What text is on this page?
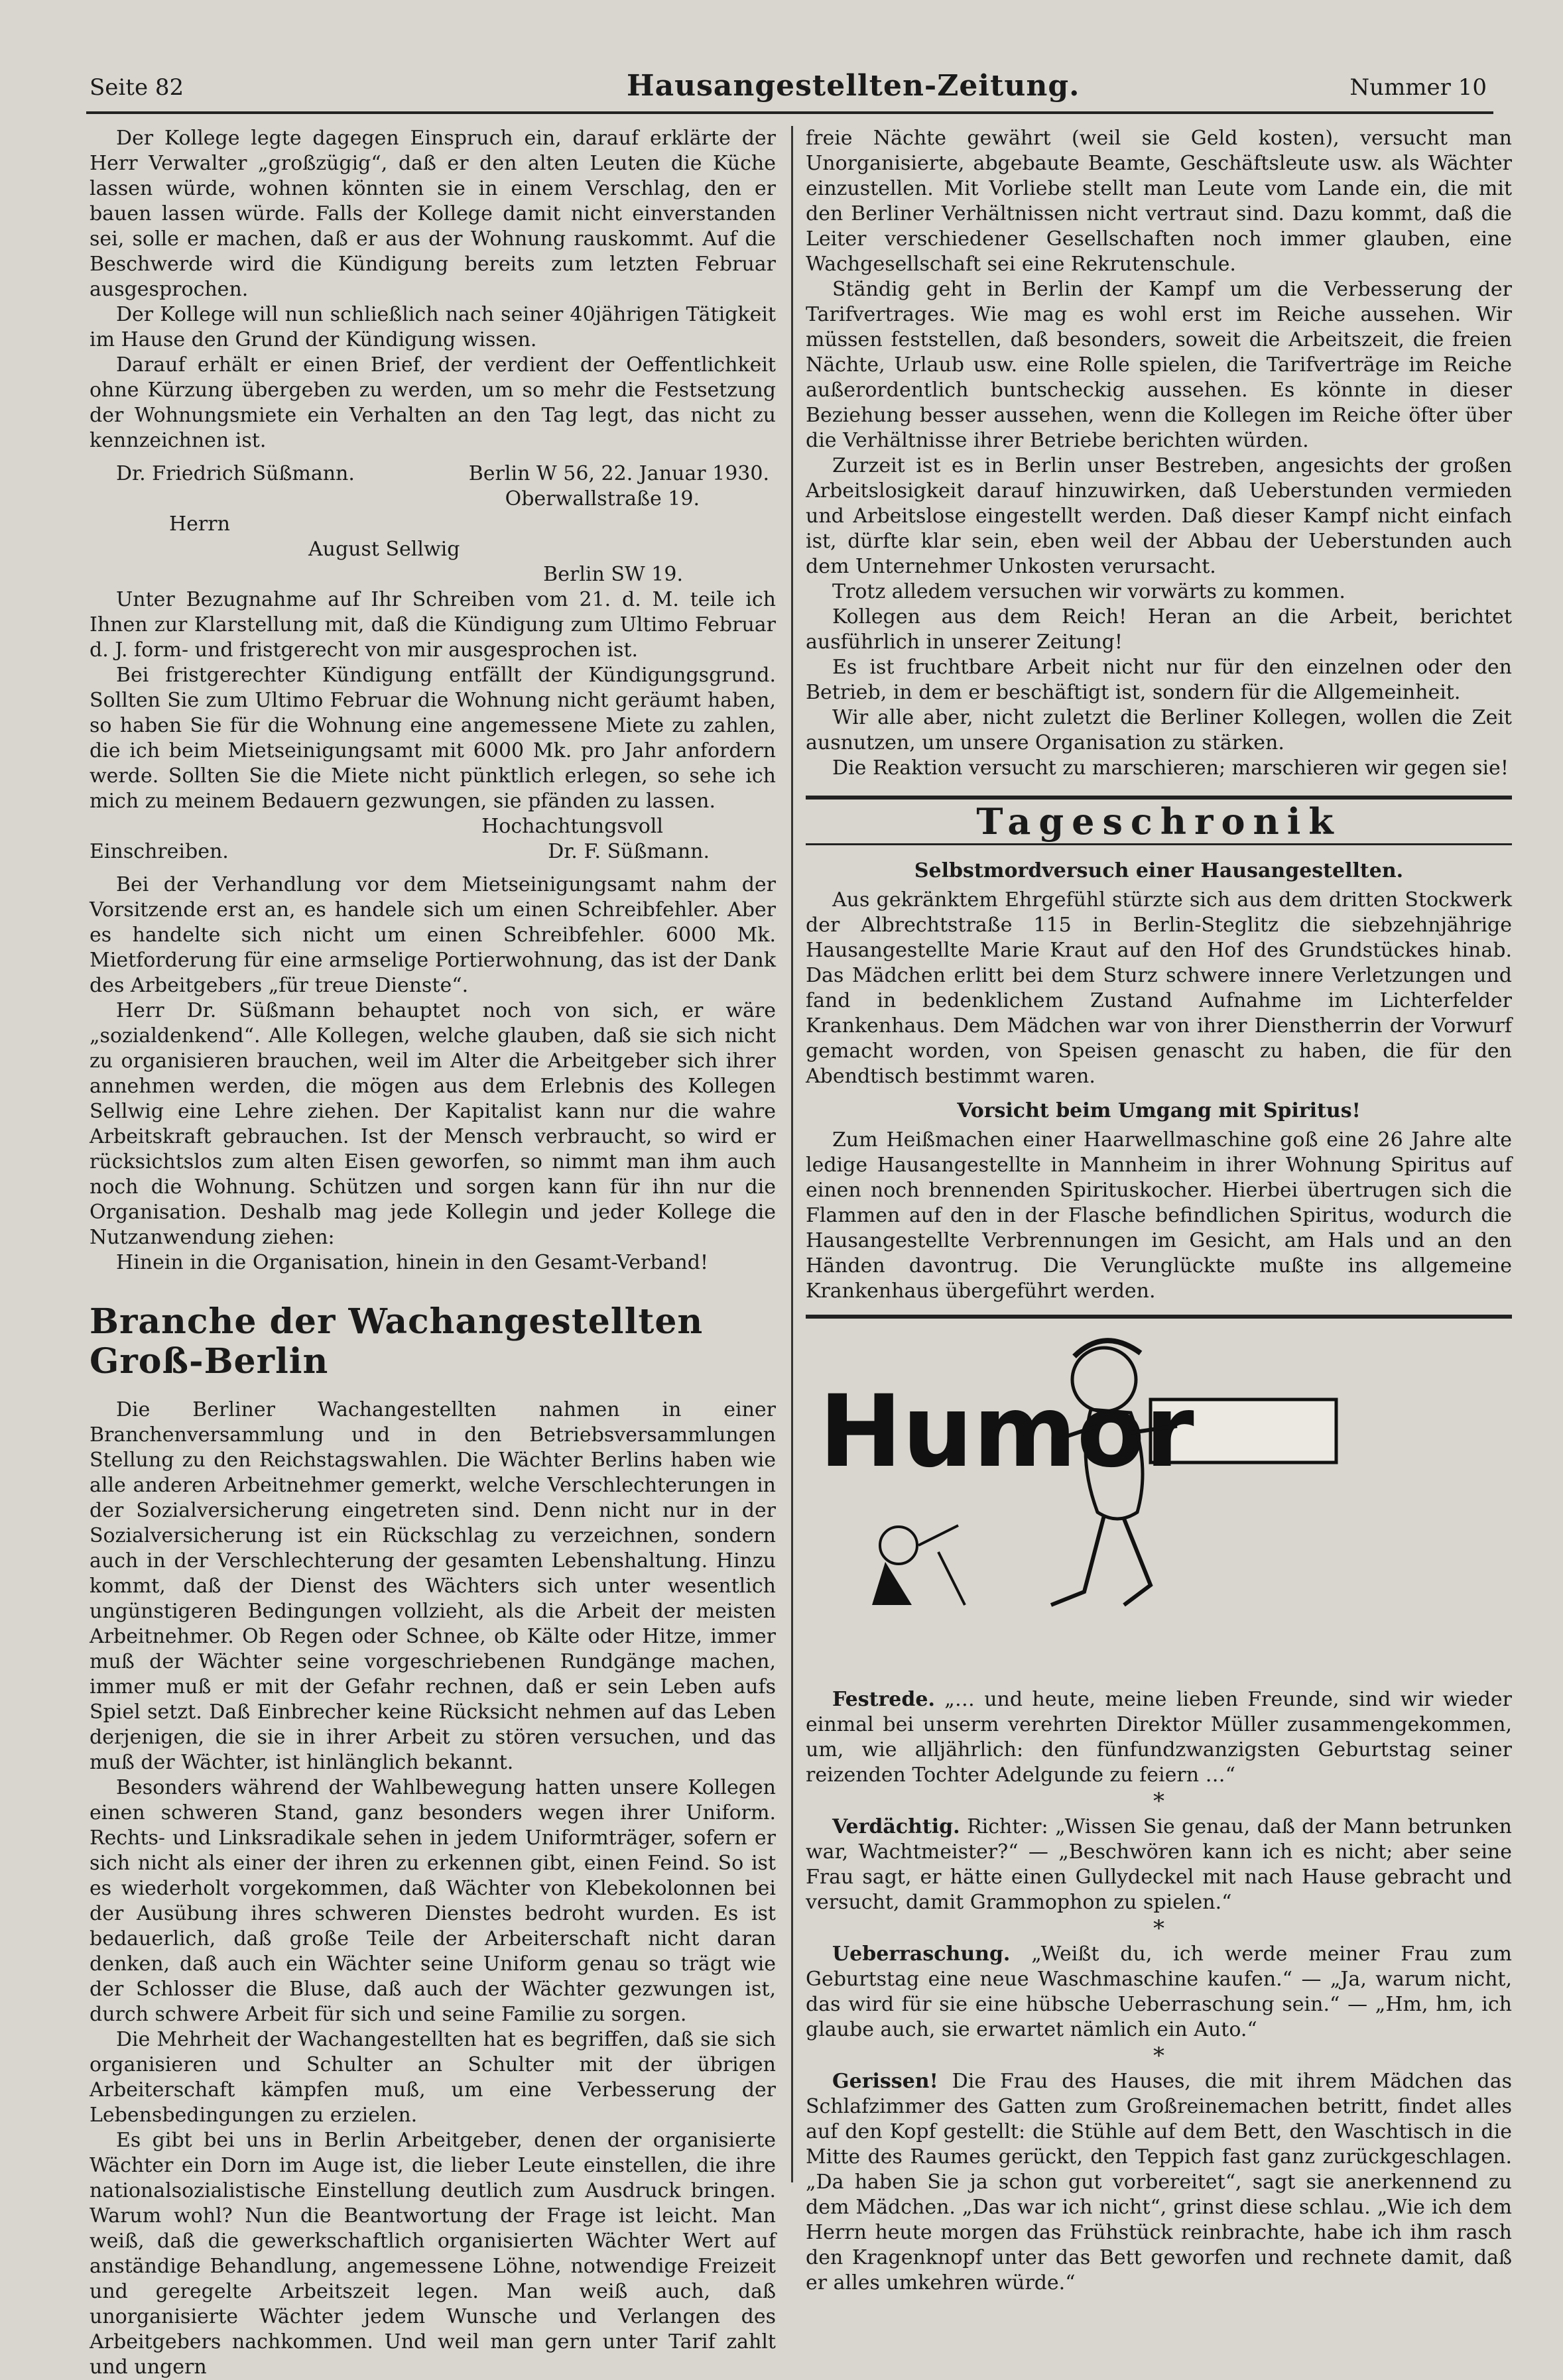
Seite 82	Hausangestellten-Zeitung.	Nummer 10

Der Kollege legte dagegen Einspruch ein, darauf erklärte der Herr Verwalter „großzügig“, daß er den alten Leuten die Küche lassen würde, wohnen könnten sie in einem Verschlag, den er bauen lassen würde. Falls der Kollege damit nicht einverstanden sei, solle er machen, daß er aus der Wohnung rauskommt. Auf die Beschwerde wird die Kündigung bereits zum letzten Februar ausgesprochen.

Der Kollege will nun schließlich nach seiner 40jährigen Tätigkeit im Hause den Grund der Kündigung wissen.

Darauf erhält er einen Brief, der verdient der Oeffentlichkeit ohne Kürzung übergeben zu werden, um so mehr die Festsetzung der Wohnungsmiete ein Verhalten an den Tag legt, das nicht zu kennzeichnen ist.

Dr. Friedrich Süßmann.	Berlin W 56, 22. Januar 1930.
Oberwallstraße 19.
Herrn
August Sellwig
Berlin SW 19.

Unter Bezugnahme auf Ihr Schreiben vom 21. d. M. teile ich Ihnen zur Klarstellung mit, daß die Kündigung zum Ultimo Februar d. J. form- und fristgerecht von mir ausgesprochen ist.

Bei fristgerechter Kündigung entfällt der Kündigungsgrund. Sollten Sie zum Ultimo Februar die Wohnung nicht geräumt haben, so haben Sie für die Wohnung eine angemessene Miete zu zahlen, die ich beim Mietseinigungsamt mit 6000 Mk. pro Jahr anfordern werde. Sollten Sie die Miete nicht pünktlich erlegen, so sehe ich mich zu meinem Bedauern gezwungen, sie pfänden zu lassen.

Hochachtungsvoll
Einschreiben.	Dr. F. Süßmann.

Bei der Verhandlung vor dem Mietseinigungsamt nahm der Vorsitzende erst an, es handele sich um einen Schreibfehler. Aber es handelte sich nicht um einen Schreibfehler. 6000 Mk. Mietforderung für eine armselige Portierwohnung, das ist der Dank des Arbeitgebers „für treue Dienste“.

Herr Dr. Süßmann behauptet noch von sich, er wäre „sozialdenkend“. Alle Kollegen, welche glauben, daß sie sich nicht zu organisieren brauchen, weil im Alter die Arbeitgeber sich ihrer annehmen werden, die mögen aus dem Erlebnis des Kollegen Sellwig eine Lehre ziehen. Der Kapitalist kann nur die wahre Arbeitskraft gebrauchen. Ist der Mensch verbraucht, so wird er rücksichtslos zum alten Eisen geworfen, so nimmt man ihm auch noch die Wohnung. Schützen und sorgen kann für ihn nur die Organisation. Deshalb mag jede Kollegin und jeder Kollege die Nutzanwendung ziehen:

Hinein in die Organisation, hinein in den Gesamt-Verband!

Branche der Wachangestellten Groß-Berlin

Die Berliner Wachangestellten nahmen in einer Branchenversammlung und in den Betriebsversammlungen Stellung zu den Reichstagswahlen. Die Wächter Berlins haben wie alle anderen Arbeitnehmer gemerkt, welche Verschlechterungen in der Sozialversicherung eingetreten sind. Denn nicht nur in der Sozialversicherung ist ein Rückschlag zu verzeichnen, sondern auch in der Verschlechterung der gesamten Lebenshaltung. Hinzu kommt, daß der Dienst des Wächters sich unter wesentlich ungünstigeren Bedingungen vollzieht, als die Arbeit der meisten Arbeitnehmer. Ob Regen oder Schnee, ob Kälte oder Hitze, immer muß der Wächter seine vorgeschriebenen Rundgänge machen, immer muß er mit der Gefahr rechnen, daß er sein Leben aufs Spiel setzt. Daß Einbrecher keine Rücksicht nehmen auf das Leben derjenigen, die sie in ihrer Arbeit zu stören versuchen, und das muß der Wächter, ist hinlänglich bekannt.

Besonders während der Wahlbewegung hatten unsere Kollegen einen schweren Stand, ganz besonders wegen ihrer Uniform. Rechts- und Linksradikale sehen in jedem Uniformträger, sofern er sich nicht als einer der ihren zu erkennen gibt, einen Feind. So ist es wiederholt vorgekommen, daß Wächter von Klebekolonnen bei der Ausübung ihres schweren Dienstes bedroht wurden. Es ist bedauerlich, daß große Teile der Arbeiterschaft nicht daran denken, daß auch ein Wächter seine Uniform genau so trägt wie der Schlosser die Bluse, daß auch der Wächter gezwungen ist, durch schwere Arbeit für sich und seine Familie zu sorgen.

Die Mehrheit der Wachangestellten hat es begriffen, daß sie sich organisieren und Schulter an Schulter mit der übrigen Arbeiterschaft kämpfen muß, um eine Verbesserung der Lebensbedingungen zu erzielen.

Es gibt bei uns in Berlin Arbeitgeber, denen der organisierte Wächter ein Dorn im Auge ist, die lieber Leute einstellen, die ihre nationalsozialistische Einstellung deutlich zum Ausdruck bringen. Warum wohl? Nun die Beantwortung der Frage ist leicht. Man weiß, daß die gewerkschaftlich organisierten Wächter Wert auf anständige Behandlung, angemessene Löhne, notwendige Freizeit und geregelte Arbeitszeit legen. Man weiß auch, daß unorganisierte Wächter jedem Wunsche und Verlangen des Arbeitgebers nachkommen. Und weil man gern unter Tarif zahlt und ungern

freie Nächte gewährt (weil sie Geld kosten), versucht man Unorganisierte, abgebaute Beamte, Geschäftsleute usw. als Wächter einzustellen. Mit Vorliebe stellt man Leute vom Lande ein, die mit den Berliner Verhältnissen nicht vertraut sind. Dazu kommt, daß die Leiter verschiedener Gesellschaften noch immer glauben, eine Wachgesellschaft sei eine Rekrutenschule.

Ständig geht in Berlin der Kampf um die Verbesserung der Tarifvertrages. Wie mag es wohl erst im Reiche aussehen. Wir müssen feststellen, daß besonders, soweit die Arbeitszeit, die freien Nächte, Urlaub usw. eine Rolle spielen, die Tarifverträge im Reiche außerordentlich buntscheckig aussehen. Es könnte in dieser Beziehung besser aussehen, wenn die Kollegen im Reiche öfter über die Verhältnisse ihrer Betriebe berichten würden.

Zurzeit ist es in Berlin unser Bestreben, angesichts der großen Arbeitslosigkeit darauf hinzuwirken, daß Ueberstunden vermieden und Arbeitslose eingestellt werden. Daß dieser Kampf nicht einfach ist, dürfte klar sein, eben weil der Abbau der Ueberstunden auch dem Unternehmer Unkosten verursacht.

Trotz alledem versuchen wir vorwärts zu kommen.

Kollegen aus dem Reich! Heran an die Arbeit, berichtet ausführlich in unserer Zeitung!

Es ist fruchtbare Arbeit nicht nur für den einzelnen oder den Betrieb, in dem er beschäftigt ist, sondern für die Allgemeinheit.

Wir alle aber, nicht zuletzt die Berliner Kollegen, wollen die Zeit ausnutzen, um unsere Organisation zu stärken.

Die Reaktion versucht zu marschieren; marschieren wir gegen sie!

Tageschronik
Selbstmordversuch einer Hausangestellten.

Aus gekränktem Ehrgefühl stürzte sich aus dem dritten Stockwerk der Albrechtstraße 115 in Berlin-Steglitz die siebzehnjährige Hausangestellte Marie Kraut auf den Hof des Grundstückes hinab. Das Mädchen erlitt bei dem Sturz schwere innere Verletzungen und fand in bedenklichem Zustand Aufnahme im Lichterfelder Krankenhaus. Dem Mädchen war von ihrer Dienstherrin der Vorwurf gemacht worden, von Speisen genascht zu haben, die für den Abendtisch bestimmt waren.

Vorsicht beim Umgang mit Spiritus!

Zum Heißmachen einer Haarwellmaschine goß eine 26 Jahre alte ledige Hausangestellte in Mannheim in ihrer Wohnung Spiritus auf einen noch brennenden Spirituskocher. Hierbei übertrugen sich die Flammen auf den in der Flasche befindlichen Spiritus, wodurch die Hausangestellte Verbrennungen im Gesicht, am Hals und an den Händen davontrug. Die Verunglückte mußte ins allgemeine Krankenhaus übergeführt werden.

Humor

Festrede. „… und heute, meine lieben Freunde, sind wir wieder einmal bei unserm verehrten Direktor Müller zusammengekommen, um, wie alljährlich: den fünfundzwanzigsten Geburtstag seiner reizenden Tochter Adelgunde zu feiern …“

*

Verdächtig. Richter: „Wissen Sie genau, daß der Mann betrunken war, Wachtmeister?“ — „Beschwören kann ich es nicht; aber seine Frau sagt, er hätte einen Gullydeckel mit nach Hause gebracht und versucht, damit Grammophon zu spielen.“

*

Ueberraschung. „Weißt du, ich werde meiner Frau zum Geburtstag eine neue Waschmaschine kaufen.“ — „Ja, warum nicht, das wird für sie eine hübsche Ueberraschung sein.“ — „Hm, hm, ich glaube auch, sie erwartet nämlich ein Auto.“

*

Gerissen! Die Frau des Hauses, die mit ihrem Mädchen das Schlafzimmer des Gatten zum Großreinemachen betritt, findet alles auf den Kopf gestellt: die Stühle auf dem Bett, den Waschtisch in die Mitte des Raumes gerückt, den Teppich fast ganz zurückgeschlagen. „Da haben Sie ja schon gut vorbereitet“, sagt sie anerkennend zu dem Mädchen. „Das war ich nicht“, grinst diese schlau. „Wie ich dem Herrn heute morgen das Frühstück reinbrachte, habe ich ihm rasch den Kragenknopf unter das Bett geworfen und rechnete damit, daß er alles umkehren würde.“
